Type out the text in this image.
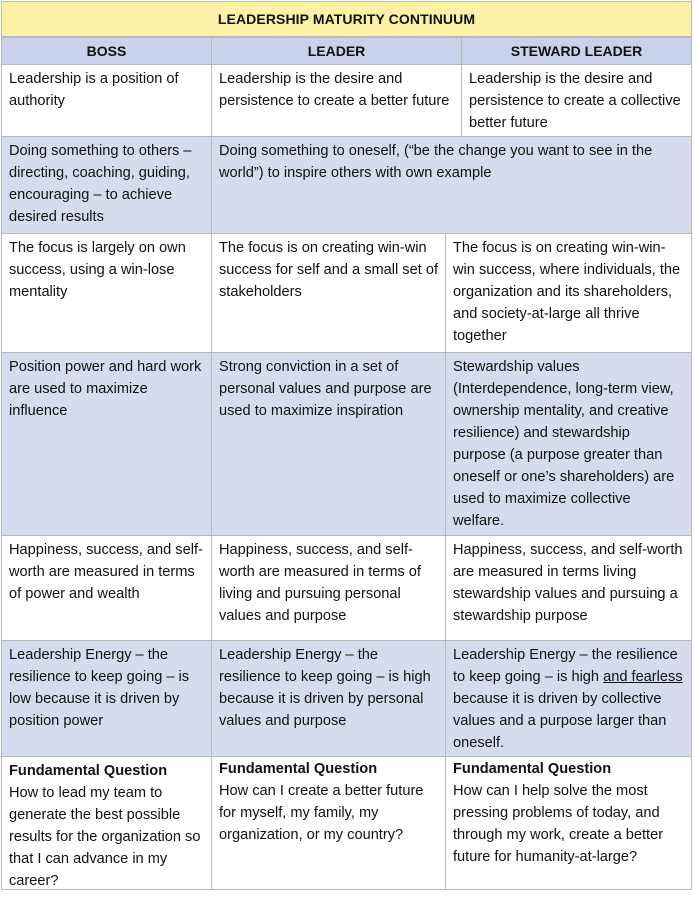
LEADERSHIP MATURITY CONTINUUM
BOSS	LEADER	STEWARD LEADER
Leadership is a position of authority
Leadership is the desire and persistence to create a better future
Leadership is the desire and persistence to create a collective better future
Doing something to others – directing, coaching, guiding, encouraging – to achieve desired results
Doing something to oneself, (“be the change you want to see in the world”) to inspire others with own example
The focus is largely on own success, using a win-lose mentality
The focus is on creating win-win success for self and a small set of stakeholders
The focus is on creating win-win-win success, where individuals, the organization and its shareholders, and society-at-large all thrive together
Position power and hard work are used to maximize influence
Strong conviction in a set of personal values and purpose are used to maximize inspiration
Stewardship values (Interdependence, long-term view, ownership mentality, and creative resilience) and stewardship purpose (a purpose greater than oneself or one’s shareholders) are used to maximize collective welfare.
Happiness, success, and self-worth are measured in terms of power and wealth
Happiness, success, and self-worth are measured in terms of living and pursuing personal values and purpose
Happiness, success, and self-worth are measured in terms living stewardship values and pursuing a stewardship purpose
Leadership Energy – the resilience to keep going – is low because it is driven by position power
Leadership Energy – the resilience to keep going – is high because it is driven by personal values and purpose
Leadership Energy – the resilience to keep going – is high and fearless because it is driven by collective values and a purpose larger than oneself.
Fundamental Question
How to lead my team to generate the best possible results for the organization so that I can advance in my career?
Fundamental Question
How can I create a better future for myself, my family, my organization, or my country?
Fundamental Question
How can I help solve the most pressing problems of today, and through my work, create a better future for humanity-at-large?
